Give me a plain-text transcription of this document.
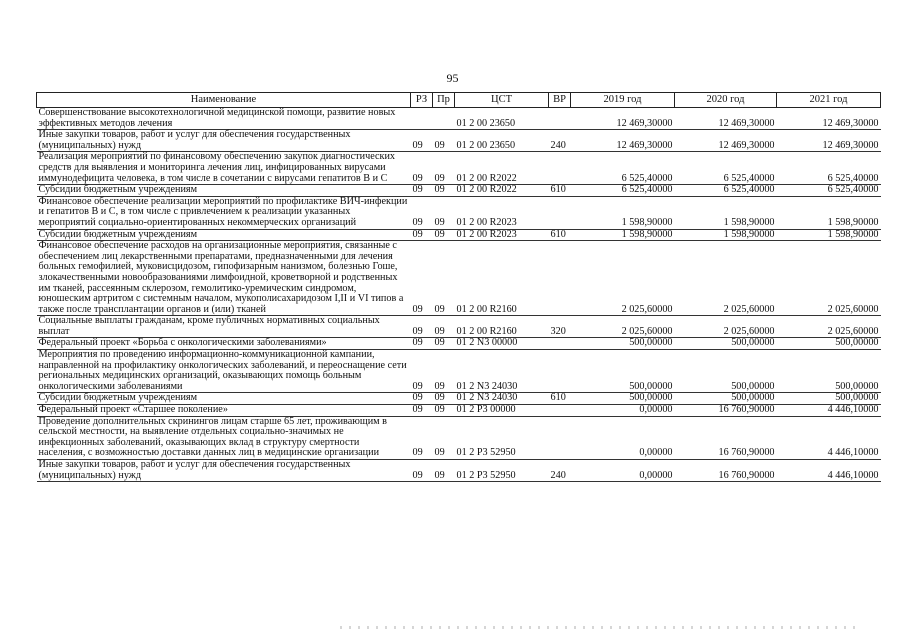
95
Наименование	РЗ	Пр	ЦСТ	ВР	2019 год	2020 год	2021 год
Совершенствование высокотехнологичной медицинской помощи, развитие новых эффективных методов лечения			01 2 00 23650		12 469,30000	12 469,30000	12 469,30000
Иные закупки товаров, работ и услуг для обеспечения государственных (муниципальных) нужд	09	09	01 2 00 23650	240	12 469,30000	12 469,30000	12 469,30000
Реализация мероприятий по финансовому обеспечению закупок диагностических средств для выявления и мониторинга лечения лиц, инфицированных вирусами иммунодефицита человека, в том числе в сочетании с вирусами гепатитов В и С	09	09	01 2 00 R2022		6 525,40000	6 525,40000	6 525,40000
Субсидии бюджетным учреждениям	09	09	01 2 00 R2022	610	6 525,40000	6 525,40000	6 525,40000
Финансовое обеспечение реализации мероприятий по профилактике ВИЧ-инфекции и гепатитов В и С, в том числе с привлечением к реализации указанных мероприятий социально-ориентированных некоммерческих организаций	09	09	01 2 00 R2023		1 598,90000	1 598,90000	1 598,90000
Субсидии бюджетным учреждениям	09	09	01 2 00 R2023	610	1 598,90000	1 598,90000	1 598,90000
Финансовое обеспечение расходов на организационные мероприятия, связанные с обеспечением лиц лекарственными препаратами, предназначенными для лечения больных гемофилией, муковисцидозом, гипофизарным нанизмом, болезнью Гоше, злокачественными новообразованиями лимфоидной, кроветворной и родственных им тканей, рассеянным склерозом, гемолитико-уремическим синдромом, юношеским артритом с системным началом, мукополисахаридозом I,II и VI типов а также после трансплантации органов и (или) тканей	09	09	01 2 00 R2160		2 025,60000	2 025,60000	2 025,60000
Социальные выплаты гражданам, кроме публичных нормативных социальных выплат	09	09	01 2 00 R2160	320	2 025,60000	2 025,60000	2 025,60000
Федеральный проект «Борьба с онкологическими заболеваниями»	09	09	01 2 N3 00000		500,00000	500,00000	500,00000
Мероприятия по проведению информационно-коммуникационной кампании, направленной на профилактику онкологических заболеваний, и переоснащение сети региональных медицинских организаций, оказывающих помощь больным онкологическими заболеваниями	09	09	01 2 N3 24030		500,00000	500,00000	500,00000
Субсидии бюджетным учреждениям	09	09	01 2 N3 24030	610	500,00000	500,00000	500,00000
Федеральный проект «Старшее поколение»	09	09	01 2 P3 00000		0,00000	16 760,90000	4 446,10000
Проведение дополнительных скринингов лицам старше 65 лет, проживающим в сельской местности, на выявление отдельных социально-значимых не инфекционных заболеваний, оказывающих вклад в структуру смертности населения, с возможностью доставки данных лиц в медицинские организации	09	09	01 2 P3 52950		0,00000	16 760,90000	4 446,10000
Иные закупки товаров, работ и услуг для обеспечения государственных (муниципальных) нужд	09	09	01 2 P3 52950	240	0,00000	16 760,90000	4 446,10000
